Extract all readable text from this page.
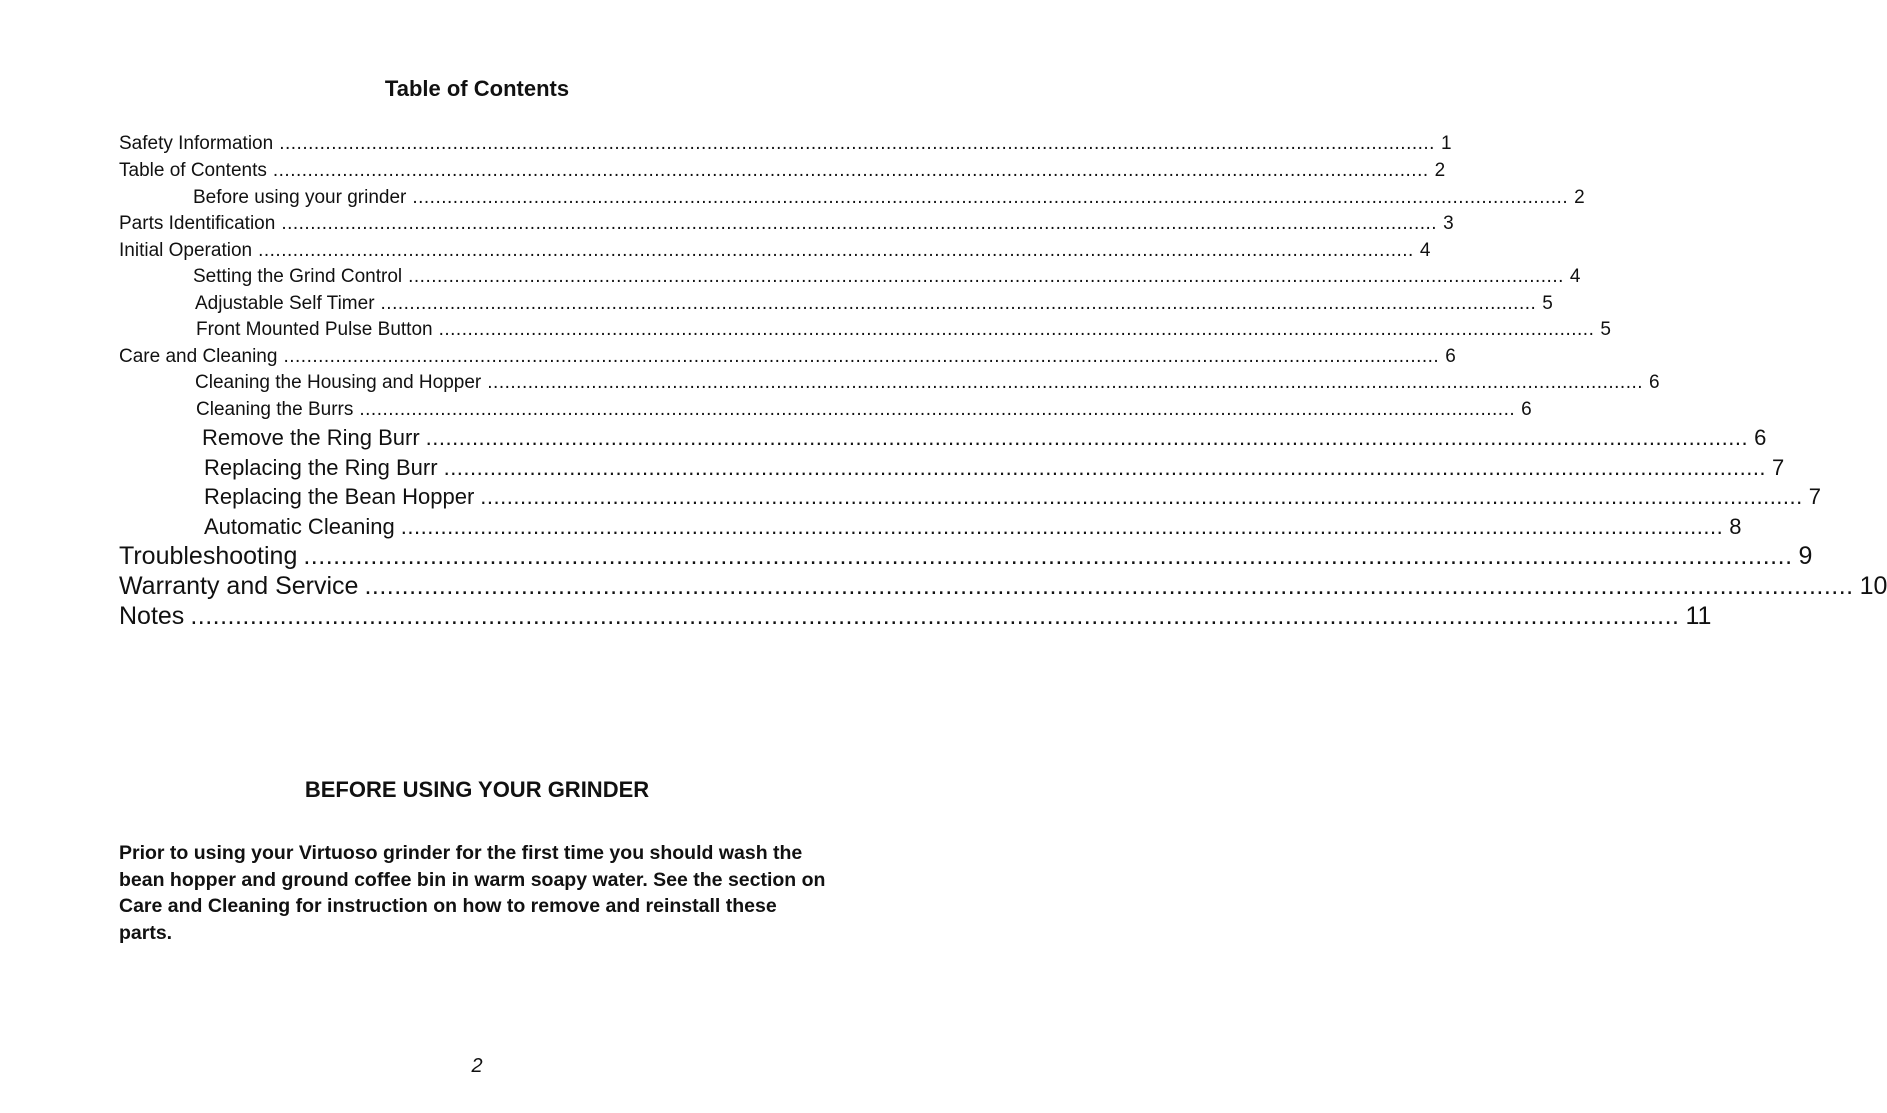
Table of Contents
Safety Information ........................................................................................................................................................................................................ 1
Table of Contents ........................................................................................................................................................................................................ 2
Before using your grinder ........................................................................................................................................................................................................ 2
Parts Identification ........................................................................................................................................................................................................ 3
Initial Operation ........................................................................................................................................................................................................ 4
Setting the Grind Control ........................................................................................................................................................................................................ 4
Adjustable Self Timer ........................................................................................................................................................................................................ 5
Front Mounted Pulse Button ........................................................................................................................................................................................................ 5
Care and Cleaning ........................................................................................................................................................................................................ 6
Cleaning the Housing and Hopper ........................................................................................................................................................................................................ 6
Cleaning the Burrs ........................................................................................................................................................................................................ 6
Remove the Ring Burr ........................................................................................................................................................................................................ 6
Replacing the Ring Burr ........................................................................................................................................................................................................ 7
Replacing the Bean Hopper ........................................................................................................................................................................................................ 7
Automatic Cleaning ........................................................................................................................................................................................................ 8
Troubleshooting ........................................................................................................................................................................................................ 9
Warranty and Service ........................................................................................................................................................................................................ 10
Notes ........................................................................................................................................................................................................ 11
BEFORE USING YOUR GRINDER
Prior to using your Virtuoso grinder for the first time you should wash the bean hopper and ground coffee bin in warm soapy water. See the section on Care and Cleaning for instruction on how to remove and reinstall these parts.
2
